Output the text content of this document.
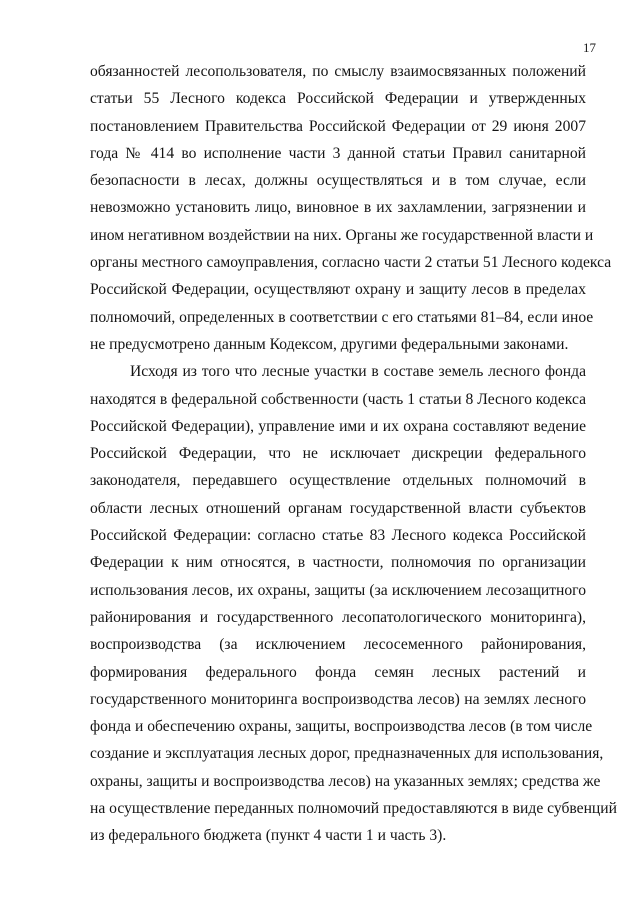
17
обязанностей лесопользователя, по смыслу взаимосвязанных положений
статьи 55 Лесного кодекса Российской Федерации и утвержденных
постановлением Правительства Российской Федерации от 29 июня 2007
года № 414 во исполнение части 3 данной статьи Правил санитарной
безопасности в лесах, должны осуществляться и в том случае, если
невозможно установить лицо, виновное в их захламлении, загрязнении и
ином негативном воздействии на них. Органы же государственной власти и
органы местного самоуправления, согласно части 2 статьи 51 Лесного кодекса
Российской Федерации, осуществляют охрану и защиту лесов в пределах
полномочий, определенных в соответствии с его статьями 81–84, если иное
не предусмотрено данным Кодексом, другими федеральными законами.
Исходя из того что лесные участки в составе земель лесного фонда
находятся в федеральной собственности (часть 1 статьи 8 Лесного кодекса
Российской Федерации), управление ими и их охрана составляют ведение
Российской Федерации, что не исключает дискреции федерального
законодателя, передавшего осуществление отдельных полномочий в
области лесных отношений органам государственной власти субъектов
Российской Федерации: согласно статье 83 Лесного кодекса Российской
Федерации к ним относятся, в частности, полномочия по организации
использования лесов, их охраны, защиты (за исключением лесозащитного
районирования и государственного лесопатологического мониторинга),
воспроизводства (за исключением лесосеменного районирования,
формирования федерального фонда семян лесных растений и
государственного мониторинга воспроизводства лесов) на землях лесного
фонда и обеспечению охраны, защиты, воспроизводства лесов (в том числе
создание и эксплуатация лесных дорог, предназначенных для использования,
охраны, защиты и воспроизводства лесов) на указанных землях; средства же
на осуществление переданных полномочий предоставляются в виде субвенций
из федерального бюджета (пункт 4 части 1 и часть 3).
